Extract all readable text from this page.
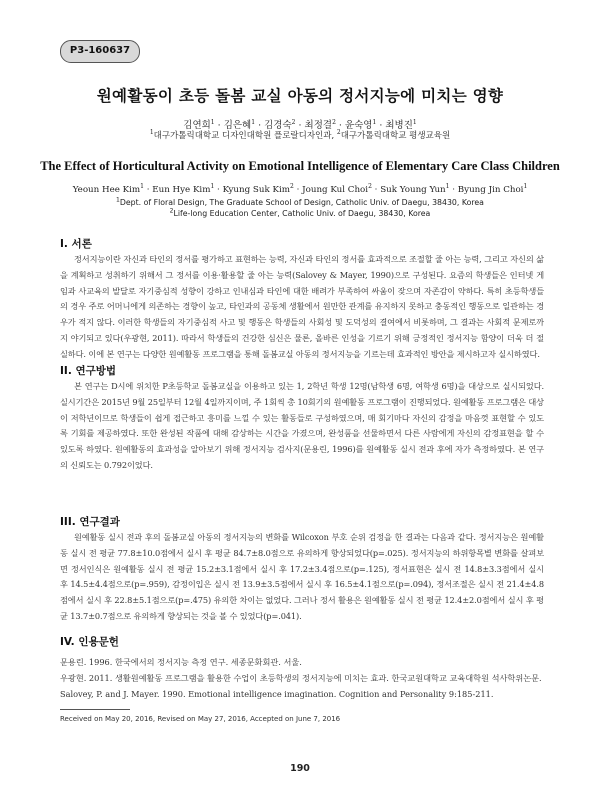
P3-160637
원예활동이 초등 돌봄 교실 아동의 정서지능에 미치는 영향
김연희$^1$ · 김은혜$^1$ · 김경숙$^2$ · 최정결$^2$ · 윤숙영$^1$ · 최병진$^1$
$^1$대구가톨릭대학교 디자인대학원 플로랄디자인과, $^2$대구가톨릭대학교 평생교육원
The Effect of Horticultural Activity on Emotional Intelligence of Elementary Care Class Children
Yeoun Hee Kim$^1$ · Eun Hye Kim$^1$ · Kyung Suk Kim$^2$ · Joung Kul Choi$^2$ · Suk Young Yun$^1$ · Byung Jin Choi$^1$
$^1$Dept. of Floral Design, The Graduate School of Design, Catholic Univ. of Daegu, 38430, Korea
$^2$Life-long Education Center, Catholic Univ. of Daegu, 38430, Korea
I. 서론

정서지능이란 자신과 타인의 정서를 평가하고 표현하는 능력, 자신과 타인의 정서를 효과적으로 조절할 줄 아는 능력, 그리고 자신의 삶을 계획하고 성취하기 위해서 그 정서를 이용·활용할 줄 아는 능력(Salovey & Mayer, 1990)으로 구성된다. 요즘의 학생들은 인터넷 게임과 사교육의 발달로 자기중심적 성향이 강하고 인내심과 타인에 대한 배려가 부족하여 싸움이 잦으며 자존감이 약하다. 특히 초등학생들의 경우 주로 어머니에게 의존하는 경향이 높고, 타인과의 공동체 생활에서 원만한 관계를 유지하지 못하고 충동적인 행동으로 일관하는 경우가 적지 않다. 이러한 학생들의 자기중심적 사고 및 행동은 학생들의 사회성 및 도덕성의 결여에서 비롯하며, 그 결과는 사회적 문제로까지 야기되고 있다(우광현, 2011). 따라서 학생들의 건강한 심신은 물론, 올바른 인성을 기르기 위해 긍정적인 정서지능 함양이 더욱 더 절실하다. 이에 본 연구는 다양한 원예활동 프로그램을 통해 돌봄교실 아동의 정서지능을 기르는데 효과적인 방안을 제시하고자 실시하였다.

II. 연구방법

본 연구는 D시에 위치한 P초등학교 돌봄교실을 이용하고 있는 1, 2학년 학생 12명(남학생 6명, 여학생 6명)을 대상으로 실시되었다. 실시기간은 2015년 9월 25일부터 12월 4일까지이며, 주 1회씩 총 10회기의 원예활동 프로그램이 진행되었다. 원예활동 프로그램은 대상이 저학년이므로 학생들이 쉽게 접근하고 흥미를 느낄 수 있는 활동들로 구성하였으며, 매 회기마다 자신의 감정을 마음껏 표현할 수 있도록 기회를 제공하였다. 또한 완성된 작품에 대해 감상하는 시간을 가졌으며, 완성품을 선물하면서 다른 사람에게 자신의 감정표현을 할 수 있도록 하였다. 원예활동의 효과성을 알아보기 위해 정서지능 검사지(문용린, 1996)를 원예활동 실시 전과 후에 자가 측정하였다. 본 연구의 신뢰도는 0.792이었다.

III. 연구결과

원예활동 실시 전과 후의 돌봄교실 아동의 정서지능의 변화를 Wilcoxon 부호 순위 검정을 한 결과는 다음과 같다. 정서지능은 원예활동 실시 전 평균 77.8±10.0점에서 실시 후 평균 84.7±8.0점으로 유의하게 향상되었다(p=.025). 정서지능의 하위항목별 변화를 살펴보면 정서인식은 원예활동 실시 전 평균 15.2±3.1점에서 실시 후 17.2±3.4점으로(p=.125), 정서표현은 실시 전 14.8±3.3점에서 실시 후 14.5±4.4점으로(p=.959), 감정이입은 실시 전 13.9±3.5점에서 실시 후 16.5±4.1점으로(p=.094), 정서조절은 실시 전 21.4±4.8점에서 실시 후 22.8±5.1점으로(p=.475) 유의한 차이는 없었다. 그러나 정서 활용은 원예활동 실시 전 평균 12.4±2.0점에서 실시 후 평균 13.7±0.7점으로 유의하게 향상되는 것을 볼 수 있었다(p=.041).

IV. 인용문헌
문용린. 1996. 한국에서의 정서지능 측정 연구. 세종문화회관. 서울.
우광현. 2011. 생활원예활동 프로그램을 활용한 수업이 초등학생의 정서지능에 미치는 효과. 한국교원대학교 교육대학원 석사학위논문.
Salovey, P. and J. Mayer. 1990. Emotional intelligence imagination. Cognition and Personality 9:185-211.
Received on May 20, 2016, Revised on May 27, 2016, Accepted on June 7, 2016
190
